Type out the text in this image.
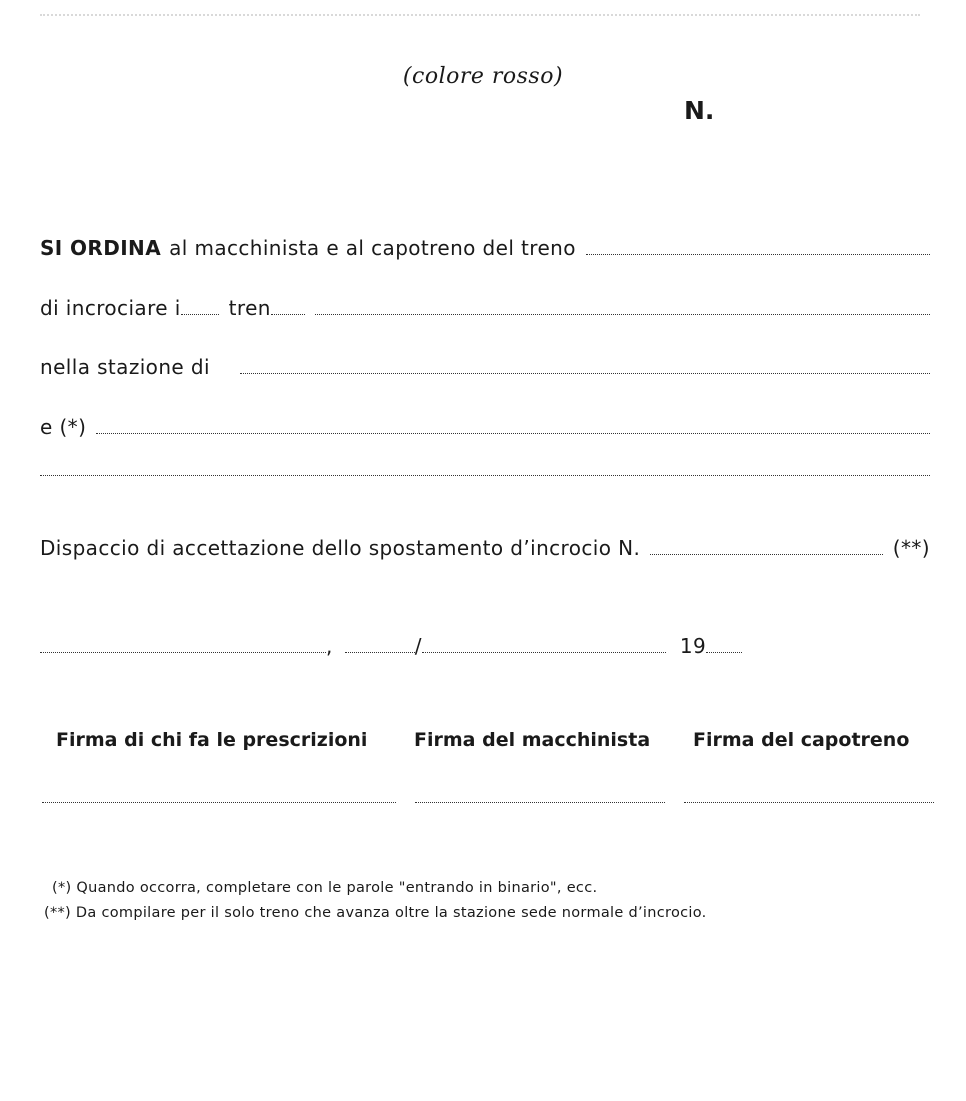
(colore rosso)
N.
SI ORDINA al macchinista e al capotreno del treno
di incrociare i tren
nella stazione di
e (*)
Dispaccio di accettazione dello spostamento d’incrocio N.	(**)
,	/	19
Firma di chi fa le prescrizioni Firma del macchinista Firma del capotreno
(*) Quando occorra, completare con le parole "entrando in binario", ecc.
(**) Da compilare per il solo treno che avanza oltre la stazione sede normale d’incrocio.
